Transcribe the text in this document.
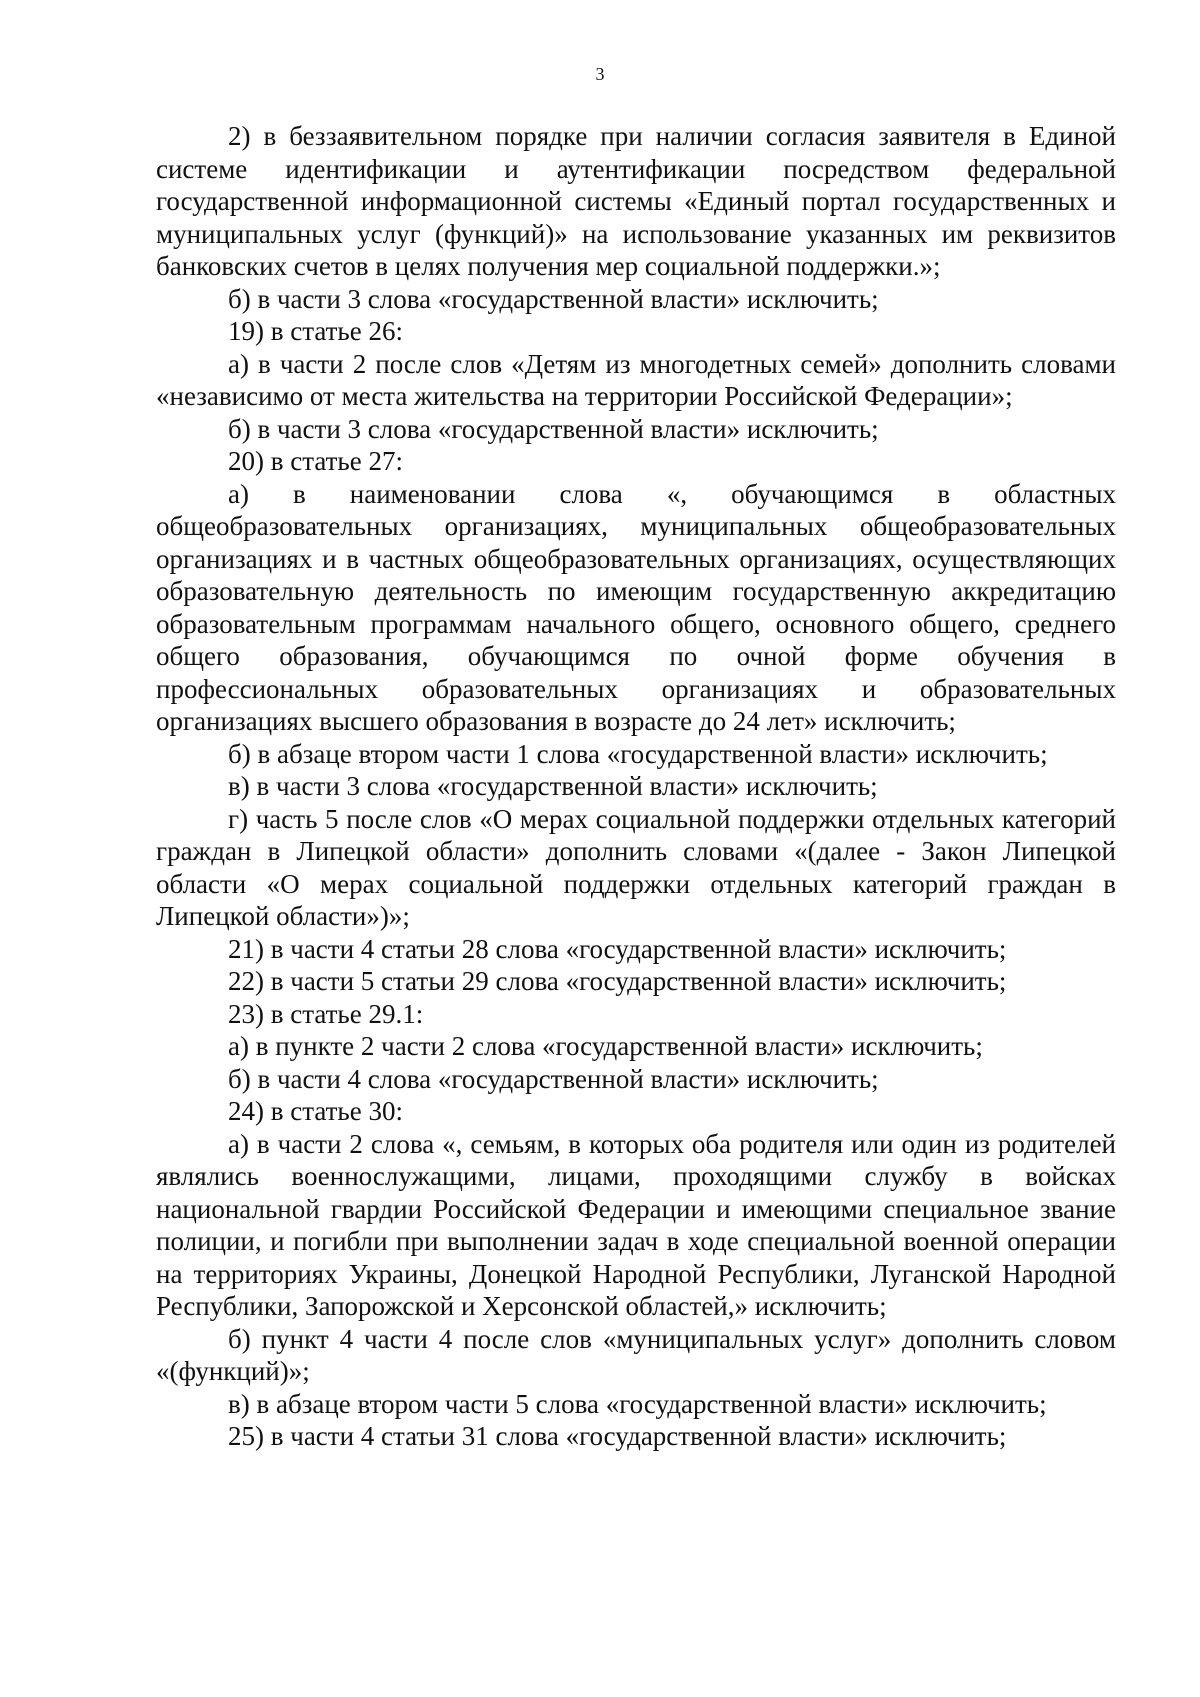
3

2) в беззаявительном порядке при наличии согласия заявителя в Единой системе идентификации и аутентификации посредством федеральной государственной информационной системы «Единый портал государственных и муниципальных услуг (функций)» на использование указанных им реквизитов банковских счетов в целях получения мер социальной поддержки.»;

б) в части 3 слова «государственной власти» исключить;

19) в статье 26:

а) в части 2 после слов «Детям из многодетных семей» дополнить словами «независимо от места жительства на территории Российской Федерации»;

б) в части 3 слова «государственной власти» исключить;

20) в статье 27:

а) в наименовании слова «, обучающимся в областных общеобразовательных организациях, муниципальных общеобразовательных организациях и в частных общеобразовательных организациях, осуществляющих образовательную деятельность по имеющим государственную аккредитацию образовательным программам начального общего, основного общего, среднего общего образования, обучающимся по очной форме обучения в профессиональных образовательных организациях и образовательных организациях высшего образования в возрасте до 24 лет» исключить;

б) в абзаце втором части 1 слова «государственной власти» исключить;

в) в части 3 слова «государственной власти» исключить;

г) часть 5 после слов «О мерах социальной поддержки отдельных категорий граждан в Липецкой области» дополнить словами «(далее - Закон Липецкой области «О мерах социальной поддержки отдельных категорий граждан в Липецкой области»)»;

21) в части 4 статьи 28 слова «государственной власти» исключить;

22) в части 5 статьи 29 слова «государственной власти» исключить;

23) в статье 29.1:

а) в пункте 2 части 2 слова «государственной власти» исключить;

б) в части 4 слова «государственной власти» исключить;

24) в статье 30:

а) в части 2 слова «, семьям, в которых оба родителя или один из родителей являлись военнослужащими, лицами, проходящими службу в войсках национальной гвардии Российской Федерации и имеющими специальное звание полиции, и погибли при выполнении задач в ходе специальной военной операции на территориях Украины, Донецкой Народной Республики, Луганской Народной Республики, Запорожской и Херсонской областей,» исключить;

б) пункт 4 части 4 после слов «муниципальных услуг» дополнить словом «(функций)»;

в) в абзаце втором части 5 слова «государственной власти» исключить;

25) в части 4 статьи 31 слова «государственной власти» исключить;
